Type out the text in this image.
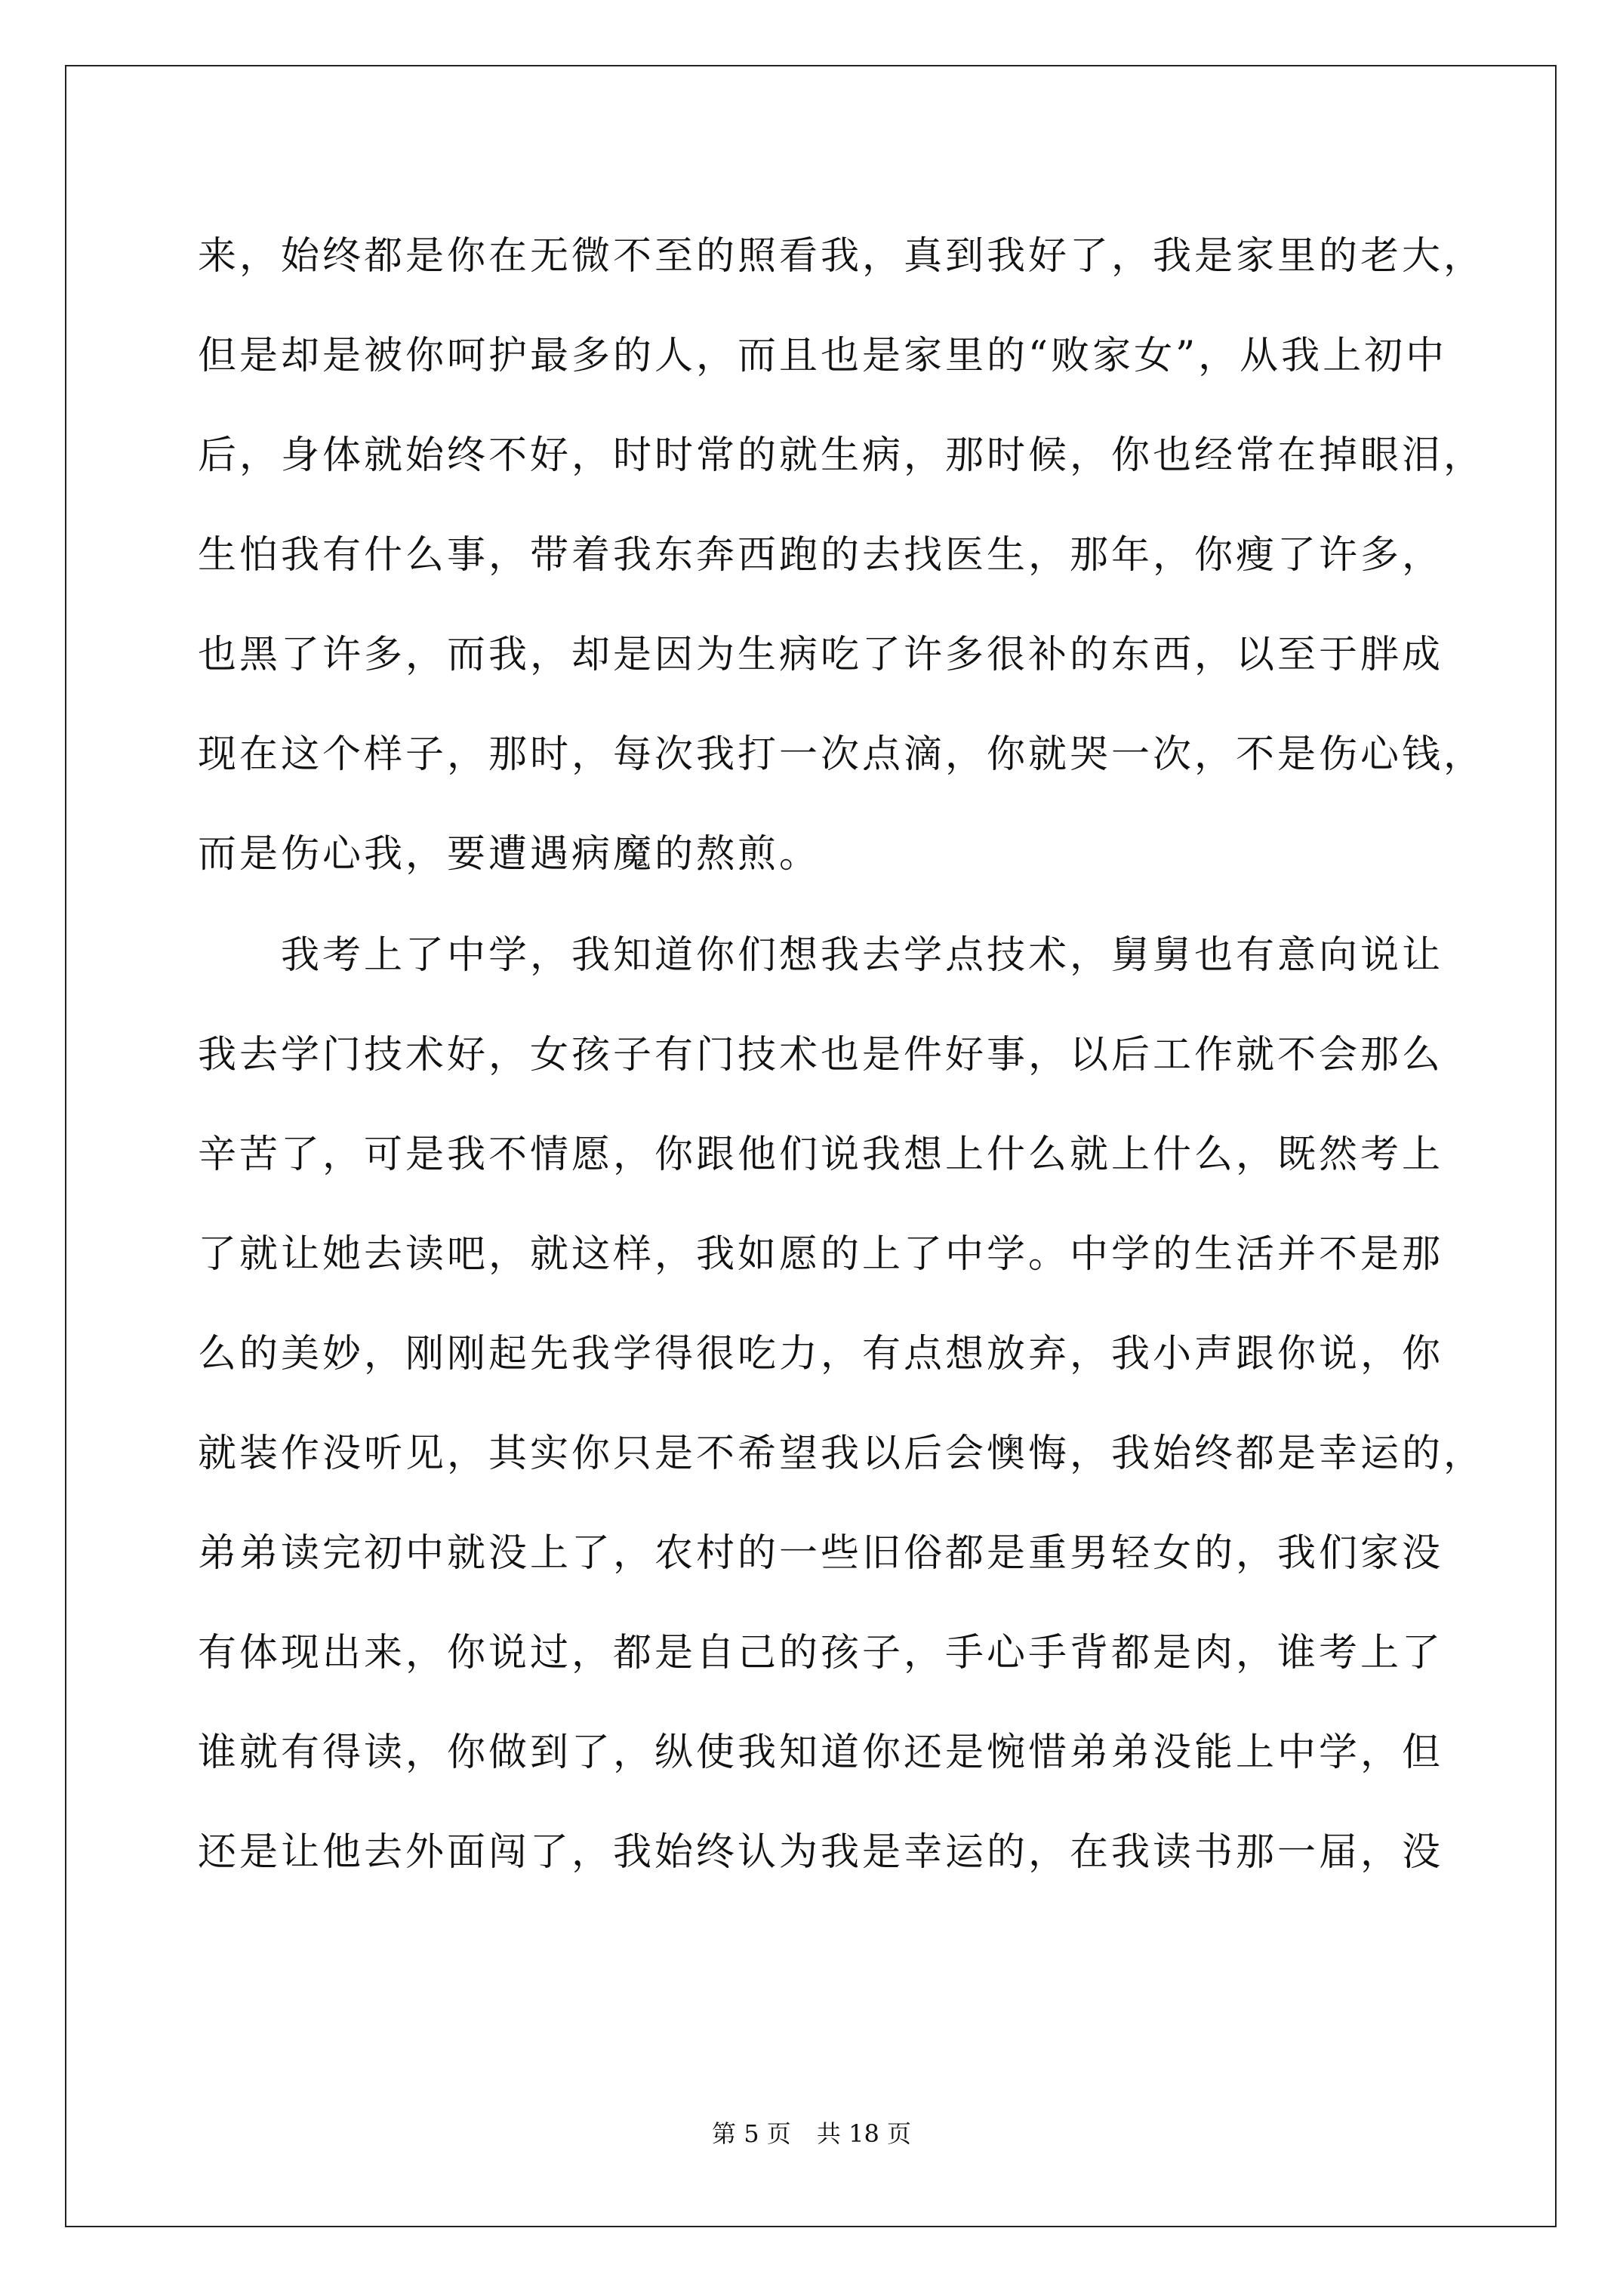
来，始终都是你在无微不至的照看我，真到我好了，我是家里的老大，
但是却是被你呵护最多的人，而且也是家里的“败家女”，从我上初中
后，身体就始终不好，时时常的就生病，那时候，你也经常在掉眼泪，
生怕我有什么事，带着我东奔西跑的去找医生，那年，你瘦了许多，
也黑了许多，而我，却是因为生病吃了许多很补的东西，以至于胖成
现在这个样子，那时，每次我打一次点滴，你就哭一次，不是伤心钱，
而是伤心我，要遭遇病魔的熬煎。
　　我考上了中学，我知道你们想我去学点技术，舅舅也有意向说让
我去学门技术好，女孩子有门技术也是件好事，以后工作就不会那么
辛苦了，可是我不情愿，你跟他们说我想上什么就上什么，既然考上
了就让她去读吧，就这样，我如愿的上了中学。中学的生活并不是那
么的美妙，刚刚起先我学得很吃力，有点想放弃，我小声跟你说，你
就装作没听见，其实你只是不希望我以后会懊悔，我始终都是幸运的，
弟弟读完初中就没上了，农村的一些旧俗都是重男轻女的，我们家没
有体现出来，你说过，都是自己的孩子，手心手背都是肉，谁考上了
谁就有得读，你做到了，纵使我知道你还是惋惜弟弟没能上中学，但
还是让他去外面闯了，我始终认为我是幸运的，在我读书那一届，没
第 5 页 共 18 页
